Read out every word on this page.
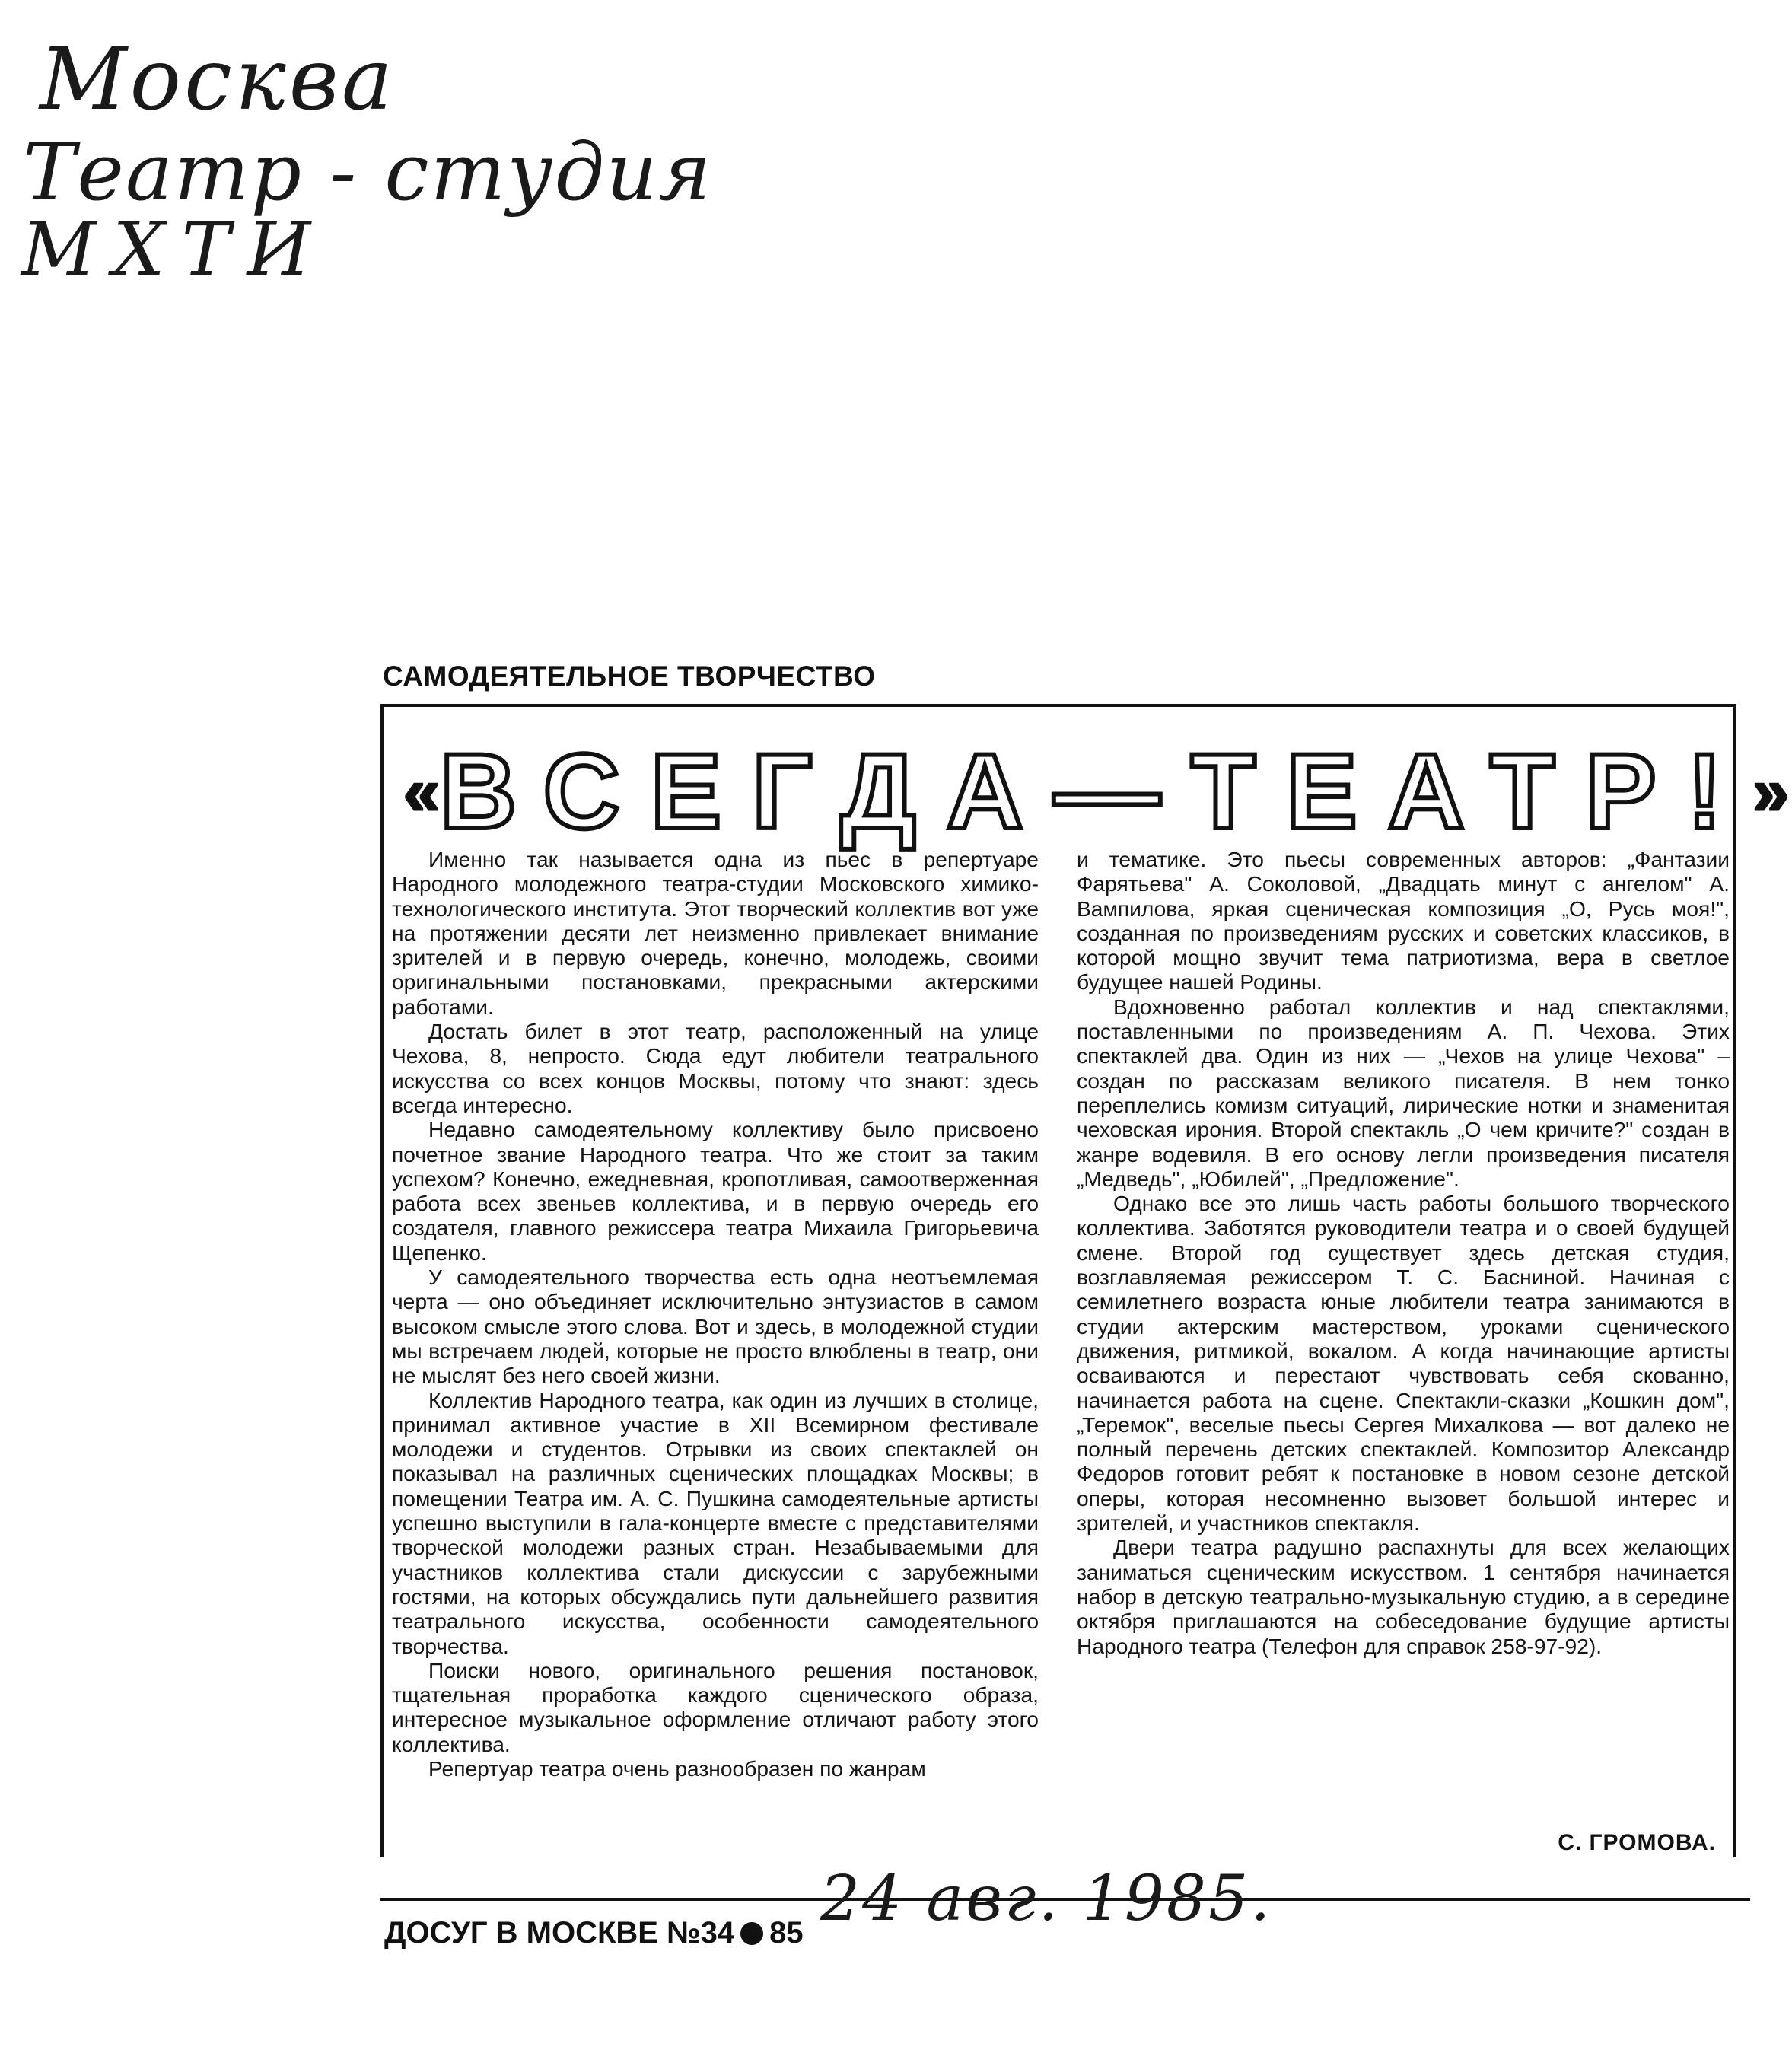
Москва
Театр - студия
МХТИ
САМОДЕЯТЕЛЬНОЕ ТВОРЧЕСТВО
«ВСЕГДА—ТЕАТР!»

Именно так называется одна из пьес в репертуаре Народного молодежного театра-студии Московского химико-технологического института. Этот творческий коллектив вот уже на протяжении десяти лет неизменно привлекает внимание зрителей и в первую очередь, конечно, молодежь, своими оригинальными постановками, прекрасными актерскими работами.

Достать билет в этот театр, расположенный на улице Чехова, 8, непросто. Сюда едут любители театрального искусства со всех концов Москвы, потому что знают: здесь всегда интересно.

Недавно самодеятельному коллективу было присвоено почетное звание Народного театра. Что же стоит за таким успехом? Конечно, ежедневная, кропотливая, самоотверженная работа всех звеньев коллектива, и в первую очередь его создателя, главного режиссера театра Михаила Григорьевича Щепенко.

У самодеятельного творчества есть одна неотъемлемая черта — оно объединяет исключительно энтузиастов в самом высоком смысле этого слова. Вот и здесь, в молодежной студии мы встречаем людей, которые не просто влюблены в театр, они не мыслят без него своей жизни.

Коллектив Народного театра, как один из лучших в столице, принимал активное участие в XII Всемирном фестивале молодежи и студентов. Отрывки из своих спектаклей он показывал на различных сценических площадках Москвы; в помещении Театра им. А. С. Пушкина самодеятельные артисты успешно выступили в гала-концерте вместе с представителями творческой молодежи разных стран. Незабываемыми для участников коллектива стали дискуссии с зарубежными гостями, на которых обсуждались пути дальнейшего развития театрального искусства, особенности самодеятельного творчества.

Поиски нового, оригинального решения постановок, тщательная проработка каждого сценического образа, интересное музыкальное оформление отличают работу этого коллектива.

Репертуар театра очень разнообразен по жанрам

и тематике. Это пьесы современных авторов: „Фантазии Фарятьева" А. Соколовой, „Двадцать минут с ангелом" А. Вампилова, яркая сценическая композиция „О, Русь моя!", созданная по произведениям русских и советских классиков, в которой мощно звучит тема патриотизма, вера в светлое будущее нашей Родины.

Вдохновенно работал коллектив и над спектаклями, поставленными по произведениям А. П. Чехова. Этих спектаклей два. Один из них — „Чехов на улице Чехова" – создан по рассказам великого писателя. В нем тонко переплелись комизм ситуаций, лирические нотки и знаменитая чеховская ирония. Второй спектакль „О чем кричите?" создан в жанре водевиля. В его основу легли произведения писателя „Медведь", „Юбилей", „Предложение".

Однако все это лишь часть работы большого творческого коллектива. Заботятся руководители театра и о своей будущей смене. Второй год существует здесь детская студия, возглавляемая режиссером Т. С. Басниной. Начиная с семилетнего возраста юные любители театра занимаются в студии актерским мастерством, уроками сценического движения, ритмикой, вокалом. А когда начинающие артисты осваиваются и перестают чувствовать себя скованно, начинается работа на сцене. Спектакли-сказки „Кошкин дом", „Теремок", веселые пьесы Сергея Михалкова — вот далеко не полный перечень детских спектаклей. Композитор Александр Федоров готовит ребят к постановке в новом сезоне детской оперы, которая несомненно вызовет большой интерес и зрителей, и участников спектакля.

Двери театра радушно распахнуты для всех желающих заниматься сценическим искусством. 1 сентября начинается набор в детскую театрально-музыкальную студию, а в середине октября приглашаются на собеседование будущие артисты Народного театра (Телефон для справок 258-97-92).

С. ГРОМОВА.
ДОСУГ В МОСКВЕ №34 85 24 авг. 1985.
